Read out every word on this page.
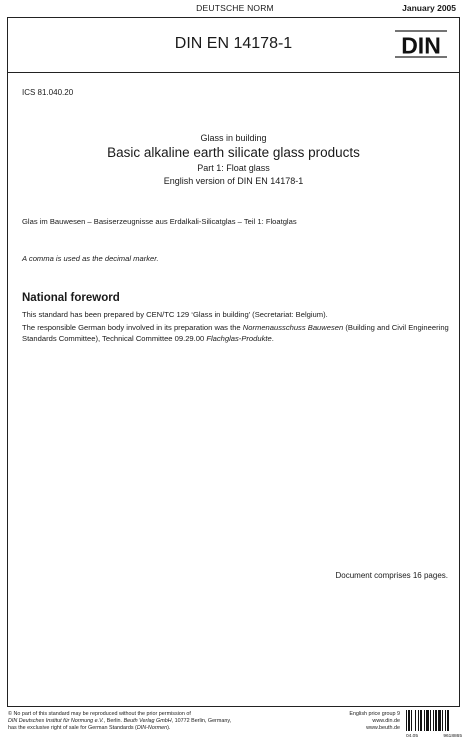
DEUTSCHE NORM	January 2005
DIN EN 14178-1	DIN
ICS 81.040.20
Glass in building
Basic alkaline earth silicate glass products
Part 1: Float glass
English version of DIN EN 14178-1
Glas im Bauwesen – Basiserzeugnisse aus Erdalkali-Silicatglas – Teil 1: Floatglas
A comma is used as the decimal marker.
National foreword
This standard has been prepared by CEN/TC 129 ‘Glass in building’ (Secretariat: Belgium).
The responsible German body involved in its preparation was the Normenausschuss Bauwesen (Building and Civil Engineering Standards Committee), Technical Committee 09.29.00 Flachglas-Produkte.
Document comprises 16 pages.
© No part of this standard may be reproduced without the prior permission of
DIN Deutsches Institut für Normung e.V., Berlin. Beuth Verlag GmbH, 10772 Berlin, Germany,
has the exclusive right of sale for German Standards (DIN-Normen).
English price group 9
www.din.de
www.beuth.de
04.05	9618865
